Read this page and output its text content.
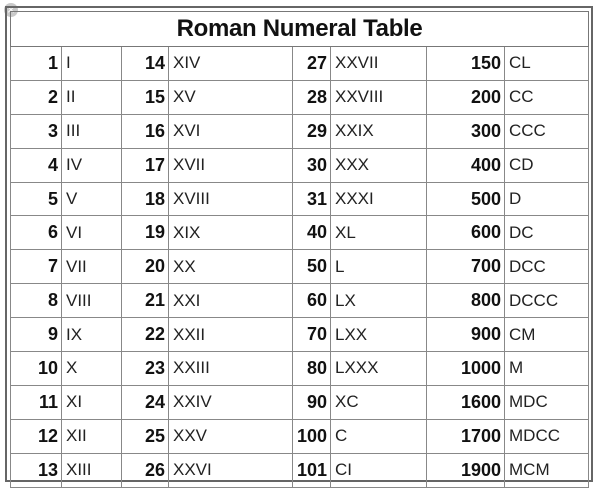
×
Roman Numeral Table							
1	I	14	XIV	27	XXVII	150	CL
2	II	15	XV	28	XXVIII	200	CC
3	III	16	XVI	29	XXIX	300	CCC
4	IV	17	XVII	30	XXX	400	CD
5	V	18	XVIII	31	XXXI	500	D
6	VI	19	XIX	40	XL	600	DC
7	VII	20	XX	50	L	700	DCC
8	VIII	21	XXI	60	LX	800	DCCC
9	IX	22	XXII	70	LXX	900	CM
10	X	23	XXIII	80	LXXX	1000	M
11	XI	24	XXIV	90	XC	1600	MDC
12	XII	25	XXV	100	C	1700	MDCC
13	XIII	26	XXVI	101	CI	1900	MCM
